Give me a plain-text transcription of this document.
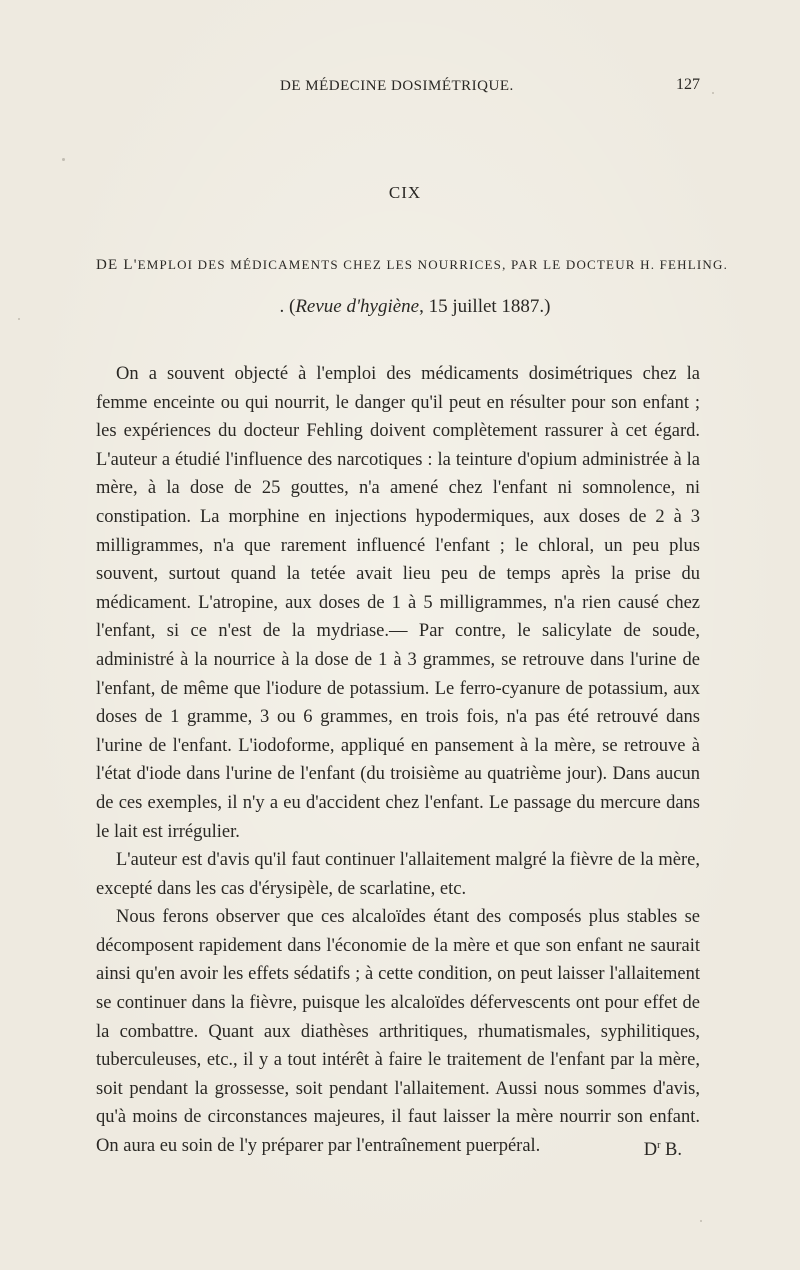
DE MÉDECINE DOSIMÉTRIQUE.	127
CIX
DE L'EMPLOI DES MÉDICAMENTS CHEZ LES NOURRICES, PAR LE DOCTEUR H. FEHLING.
. (Revue d'hygiène, 15 juillet 1887.)

On a souvent objecté à l'emploi des médicaments dosimétriques chez la femme enceinte ou qui nourrit, le danger qu'il peut en résulter pour son enfant ; les expériences du docteur Fehling doivent complètement rassurer à cet égard. L'auteur a étudié l'influence des narcotiques : la teinture d'opium administrée à la mère, à la dose de 25 gouttes, n'a amené chez l'enfant ni somnolence, ni constipation. La morphine en injections hypodermiques, aux doses de 2 à 3 milligrammes, n'a que rarement influencé l'enfant ; le chloral, un peu plus souvent, surtout quand la tetée avait lieu peu de temps après la prise du médicament. L'atropine, aux doses de 1 à 5 milligrammes, n'a rien causé chez l'enfant, si ce n'est de la mydriase.— Par contre, le salicylate de soude, administré à la nourrice à la dose de 1 à 3 grammes, se retrouve dans l'urine de l'enfant, de même que l'iodure de potassium. Le ferro-cyanure de potassium, aux doses de 1 gramme, 3 ou 6 grammes, en trois fois, n'a pas été retrouvé dans l'urine de l'enfant. L'iodoforme, appliqué en pansement à la mère, se retrouve à l'état d'iode dans l'urine de l'enfant (du troisième au quatrième jour). Dans aucun de ces exemples, il n'y a eu d'accident chez l'enfant. Le passage du mercure dans le lait est irrégulier.

L'auteur est d'avis qu'il faut continuer l'allaitement malgré la fièvre de la mère, excepté dans les cas d'érysipèle, de scarlatine, etc.

Nous ferons observer que ces alcaloïdes étant des composés plus stables se décomposent rapidement dans l'économie de la mère et que son enfant ne saurait ainsi qu'en avoir les effets sédatifs ; à cette condition, on peut laisser l'allaitement se continuer dans la fièvre, puisque les alcaloïdes défervescents ont pour effet de la combattre. Quant aux diathèses arthritiques, rhumatismales, syphilitiques, tuberculeuses, etc., il y a tout intérêt à faire le traitement de l'enfant par la mère, soit pendant la grossesse, soit pendant l'allaitement. Aussi nous sommes d'avis, qu'à moins de circonstances majeures, il faut laisser la mère nourrir son enfant. On aura eu soin de l'y préparer par l'entraînement puerpéral.	$D^r$ B.
